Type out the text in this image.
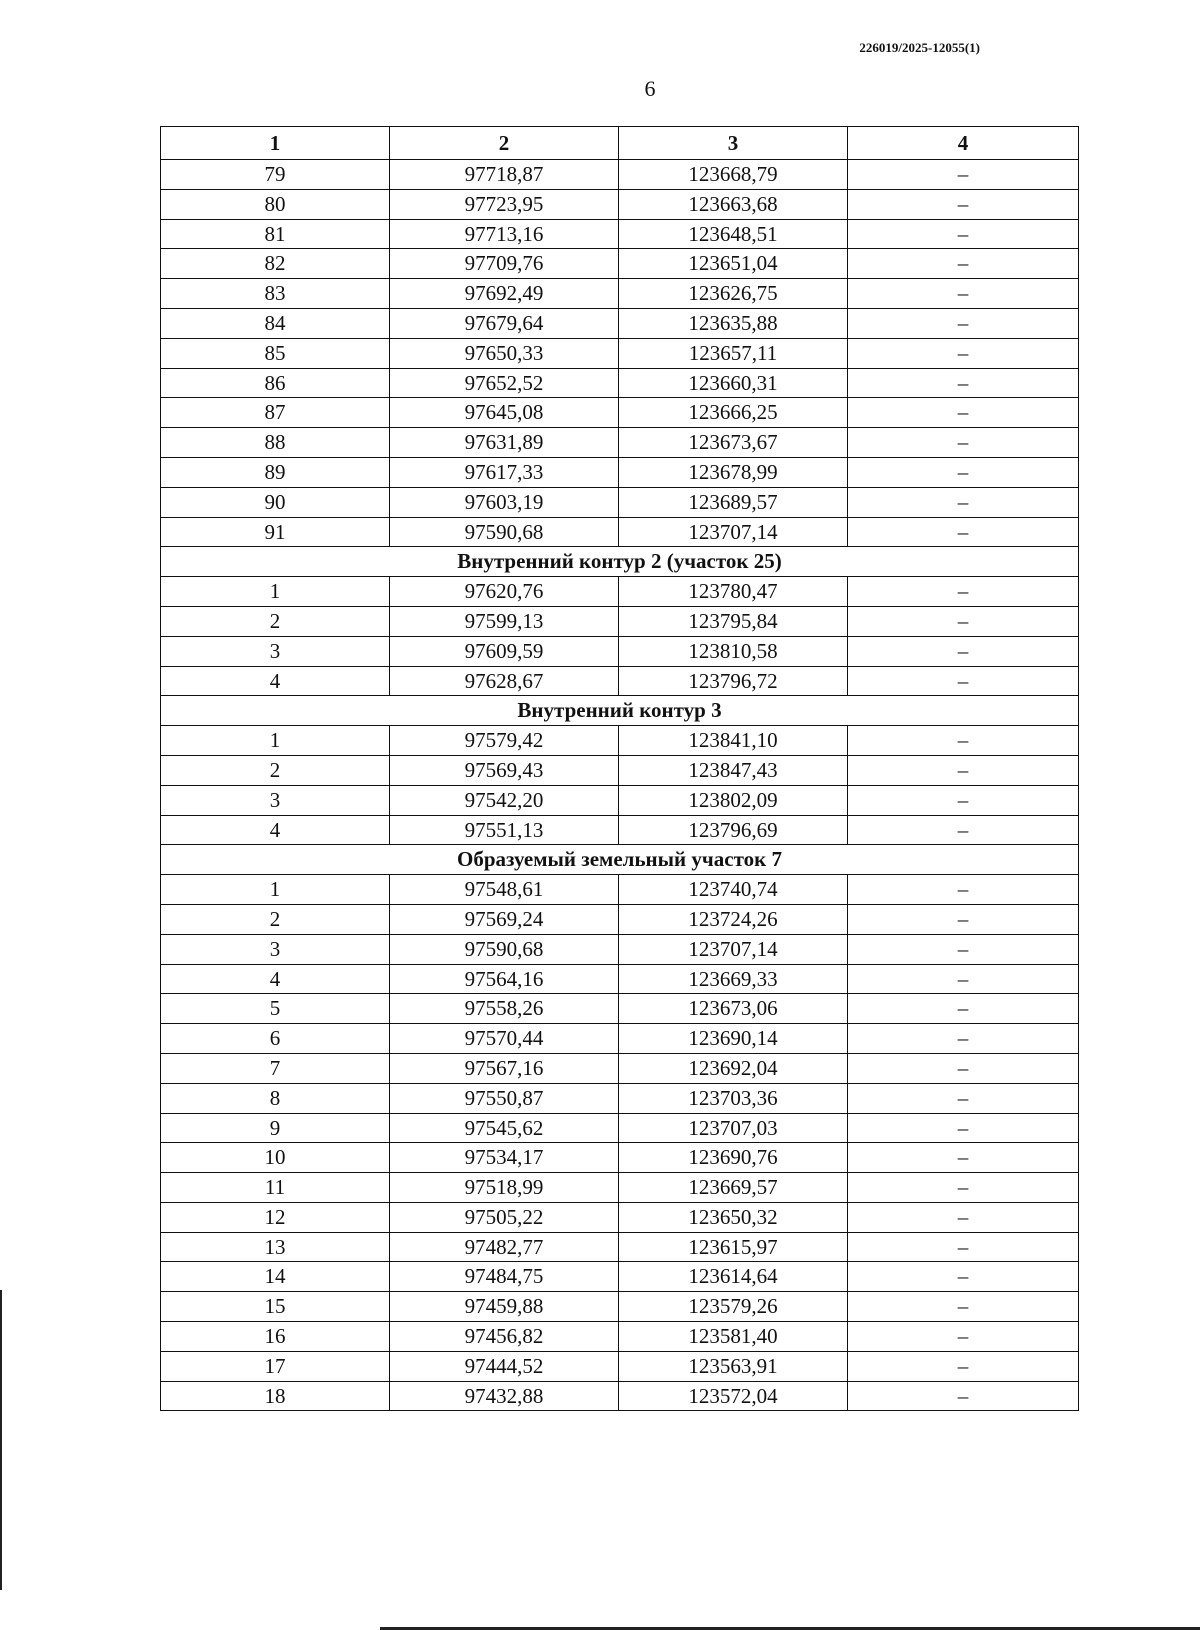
226019/2025-12055(1)
6
1	2	3	4
79	97718,87	123668,79	–
80	97723,95	123663,68	–
81	97713,16	123648,51	–
82	97709,76	123651,04	–
83	97692,49	123626,75	–
84	97679,64	123635,88	–
85	97650,33	123657,11	–
86	97652,52	123660,31	–
87	97645,08	123666,25	–
88	97631,89	123673,67	–
89	97617,33	123678,99	–
90	97603,19	123689,57	–
91	97590,68	123707,14	–
Внутренний контур 2 (участок 25)			
1	97620,76	123780,47	–
2	97599,13	123795,84	–
3	97609,59	123810,58	–
4	97628,67	123796,72	–
Внутренний контур 3			
1	97579,42	123841,10	–
2	97569,43	123847,43	–
3	97542,20	123802,09	–
4	97551,13	123796,69	–
Образуемый земельный участок 7			
1	97548,61	123740,74	–
2	97569,24	123724,26	–
3	97590,68	123707,14	–
4	97564,16	123669,33	–
5	97558,26	123673,06	–
6	97570,44	123690,14	–
7	97567,16	123692,04	–
8	97550,87	123703,36	–
9	97545,62	123707,03	–
10	97534,17	123690,76	–
11	97518,99	123669,57	–
12	97505,22	123650,32	–
13	97482,77	123615,97	–
14	97484,75	123614,64	–
15	97459,88	123579,26	–
16	97456,82	123581,40	–
17	97444,52	123563,91	–
18	97432,88	123572,04	–
